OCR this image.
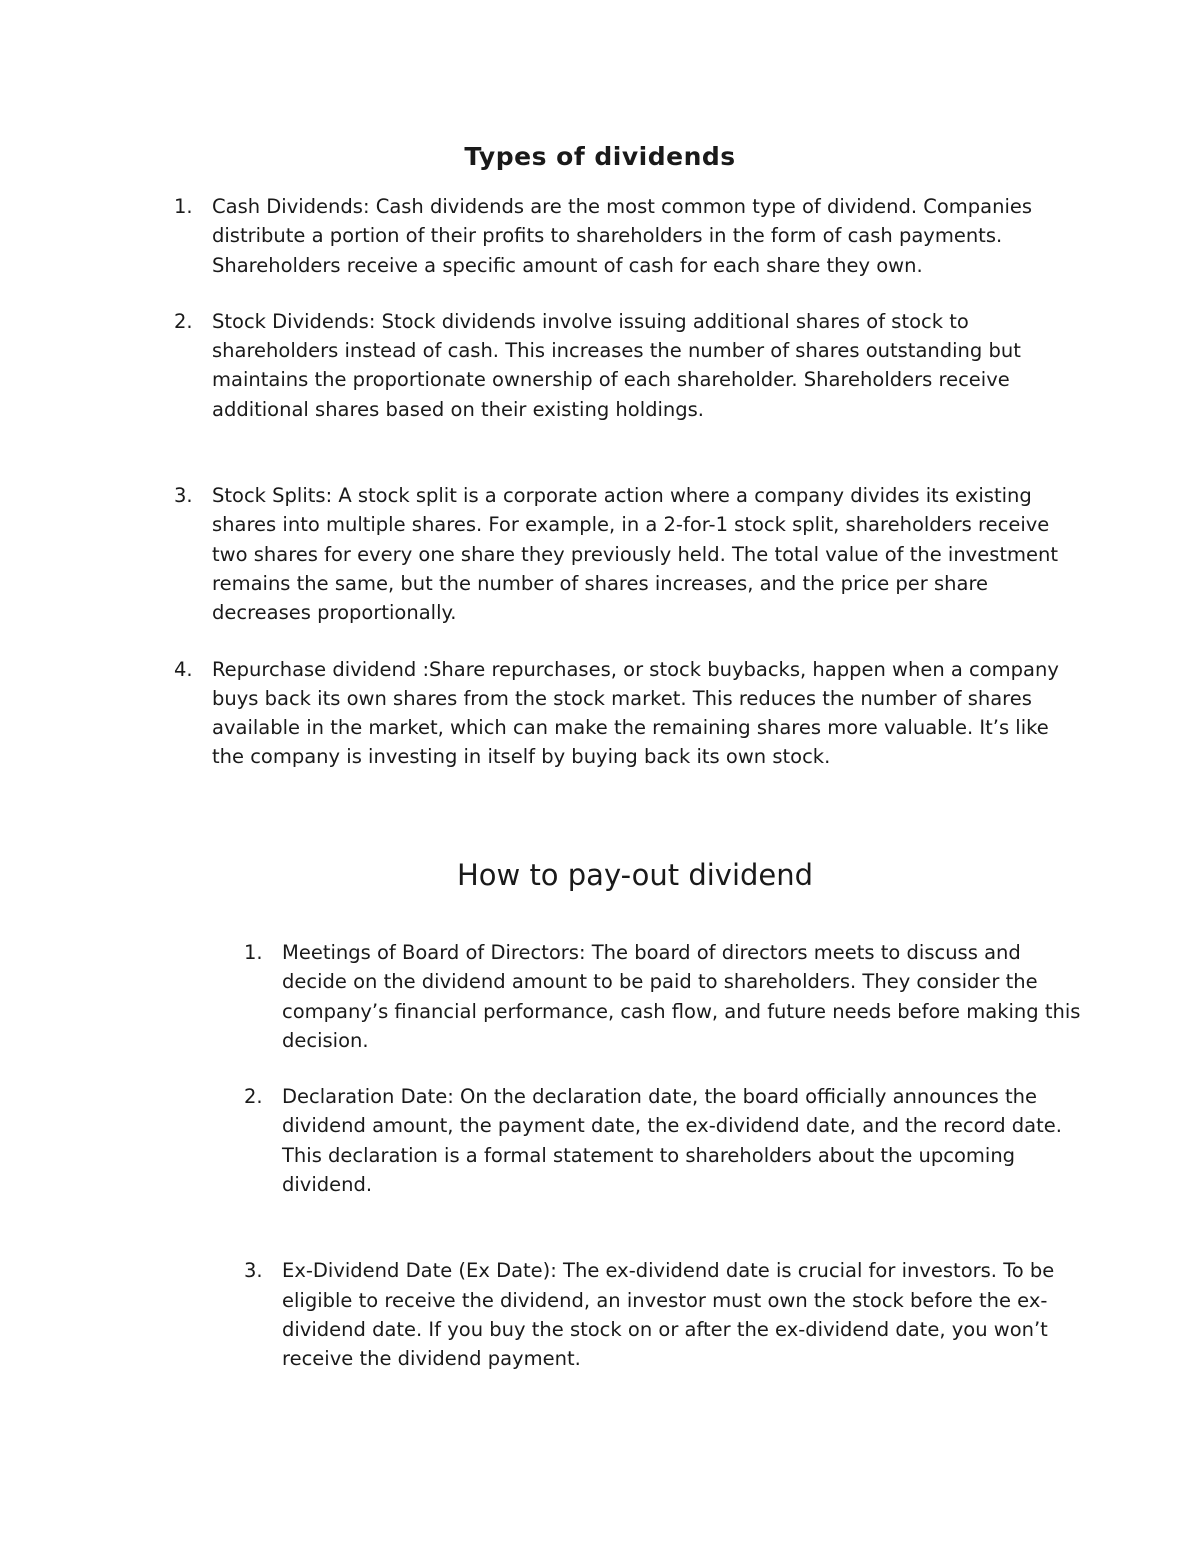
Types of dividends
1. Cash Dividends: Cash dividends are the most common type of dividend. Companies distribute a portion of their profits to shareholders in the form of cash payments. Shareholders receive a specific amount of cash for each share they own.
2. Stock Dividends: Stock dividends involve issuing additional shares of stock to shareholders instead of cash. This increases the number of shares outstanding but maintains the proportionate ownership of each shareholder. Shareholders receive additional shares based on their existing holdings.
3. Stock Splits: A stock split is a corporate action where a company divides its existing shares into multiple shares. For example, in a 2-for-1 stock split, shareholders receive two shares for every one share they previously held. The total value of the investment remains the same, but the number of shares increases, and the price per share decreases proportionally.
4. Repurchase dividend :Share repurchases, or stock buybacks, happen when a company buys back its own shares from the stock market. This reduces the number of shares available in the market, which can make the remaining shares more valuable. It’s like the company is investing in itself by buying back its own stock.
How to pay-out dividend
1. Meetings of Board of Directors: The board of directors meets to discuss and decide on the dividend amount to be paid to shareholders. They consider the company’s financial performance, cash flow, and future needs before making this decision.
2. Declaration Date: On the declaration date, the board officially announces the dividend amount, the payment date, the ex-dividend date, and the record date. This declaration is a formal statement to shareholders about the upcoming dividend.
3. Ex-Dividend Date (Ex Date): The ex-dividend date is crucial for investors. To be eligible to receive the dividend, an investor must own the stock before the ex-dividend date. If you buy the stock on or after the ex-dividend date, you won’t receive the dividend payment.
